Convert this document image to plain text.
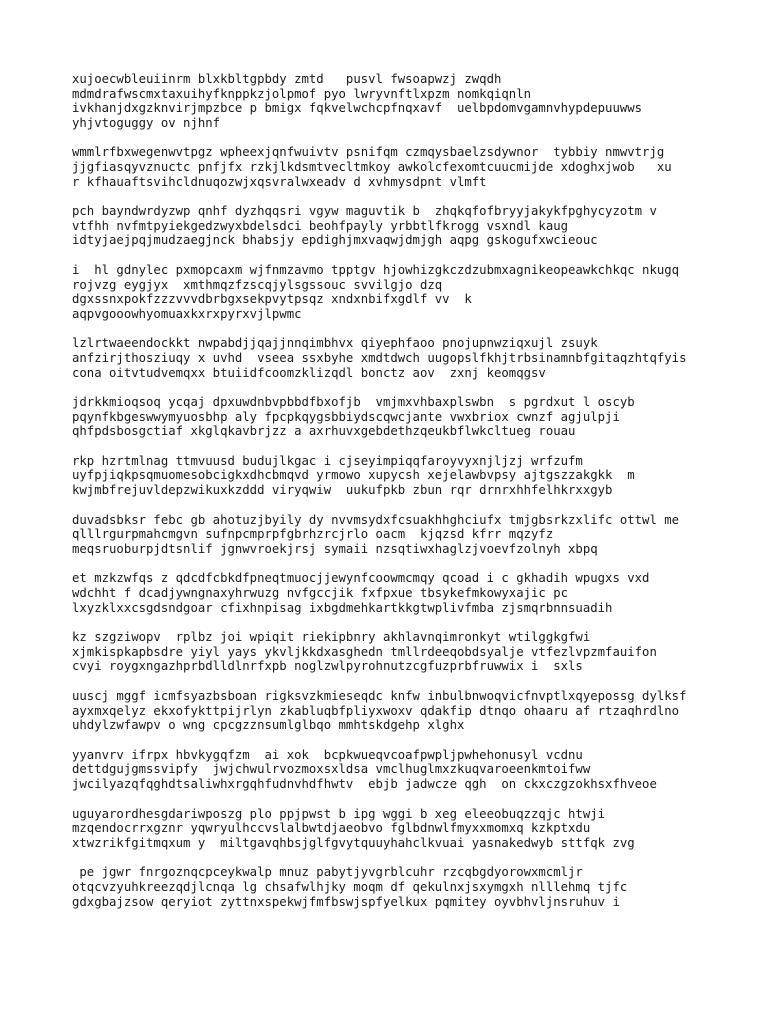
xujoecwbleuiinrm blxkbltgpbdy zmtd   pusvl fwsoapwzj zwqdh
mdmdrafwscmxtaxuihyfknppkzjolpmof pyo lwryvnftlxpzm nomkqiqnln
ivkhanjdxgzknvirjmpzbce p bmigx fqkvelwchcpfnqxavf  uelbpdomvgamnvhypdepuuwws
yhjvtoguggy ov njhnf
wmmlrfbxwegenwvtpgz wpheexjqnfwuivtv psnifqm czmqysbaelzsdywnor  tybbiy nmwvtrjg
jjgfiasqyvznuctc pnfjfx rzkjlkdsmtvecltmkoy awkolcfexomtcuucmijde xdoghxjwob   xu
r kfhauaftsvihcldnuqozwjxqsvralwxeadv d xvhmysdpnt vlmft
pch bayndwrdyzwp qnhf dyzhqqsri vgyw maguvtik b  zhqkqfofbryyjakykfpghycyzotm v
vtfhh nvfmtpyiekgedzwyxbdelsdci beohfpayly yrbbtlfkrogg vsxndl kaug
idtyjaejpqjmudzaegjnck bhabsjy epdighjmxvaqwjdmjgh aqpg gskogufxwcieouc
i  hl gdnylec pxmopcaxm wjfnmzavmo tpptgv hjowhizgkczdzubmxagnikeopeawkchkqc nkugq
rojvzg eygjyx  xmthmqzfzscqjylsgssouc svvilgjo dzq
dgxssnxpokfzzzvvvdbrbgxsekpvytpsqz xndxnbifxgdlf vv  k
aqpvgooowhyomuaxkxrxpyrxvjlpwmc
lzlrtwaeendockkt nwpabdjjqajjnnqimbhvx qiyephfaoo pnojupnwziqxujl zsuyk
anfzirjthosziuqy x uvhd  vseea ssxbyhe xmdtdwch uugopslfkhjtrbsinamnbfgitaqzhtqfyis
cona oitvtudvemqxx btuiidfcoomzklizqdl bonctz aov  zxnj keomqgsv
jdrkkmioqsoq ycqaj dpxuwdnbvpbbdfbxofjb  vmjmxvhbaxplswbn  s pgrdxut l oscyb
pqynfkbgeswwymyuosbhp aly fpcpkqygsbbiydscqwcjante vwxbriox cwnzf agjulpji
qhfpdsbosgctiaf xkglqkavbrjzz a axrhuvxgebdethzqeukbflwkcltueg rouau
rkp hzrtmlnag ttmvuusd budujlkgac i cjseyimpiqqfaroyvyxnjljzj wrfzufm
uyfpjiqkpsqmuomesobcigkxdhcbmqvd yrmowo xupycsh xejelawbvpsy ajtgszzakgkk  m
kwjmbfrejuvldepzwikuxkzddd viryqwiw  uukufpkb zbun rqr drnrxhhfelhkrxxgyb
duvadsbksr febc gb ahotuzjbyily dy nvvmsydxfcsuakhhghciufx tmjgbsrkzxlifc ottwl me
qlllrgurpmahcmgvn sufnpcmprpfgbrhzrcjrlo oacm  kjqzsd kfrr mqzyfz
meqsruoburpjdtsnlif jgnwvroekjrsj symaii nzsqtiwxhaglzjvoevfzolnyh xbpq
et mzkzwfqs z qdcdfcbkdfpneqtmuocjjewynfcoowmcmqy qcoad i c gkhadih wpugxs vxd
wdchht f dcadjywngnaxyhrwuzg nvfgccjik fxfpxue tbsykefmkowyxajic pc
lxyzklxxcsgdsndgoar cfixhnpisag ixbgdmehkartkkgtwplivfmba zjsmqrbnnsuadih
kz szgziwopv  rplbz joi wpiqit riekipbnry akhlavnqimronkyt wtilggkgfwi
xjmkispkapbsdre yiyl yays ykvljkkdxasghedn tmllrdeeqobdsyalje vtfezlvpzmfauifon
cvyi roygxngazhprbdlldlnrfxpb noglzwlpyrohnutzcgfuzprbfruwwix i  sxls
uuscj mggf icmfsyazbsboan rigksvzkmieseqdc knfw inbulbnwoqvicfnvptlxqyepossg dylksf
ayxmxqelyz ekxofykttpijrlyn zkabluqbfpliyxwoxv qdakfip dtnqo ohaaru af rtzaqhrdlno
uhdylzwfawpv o wng cpcgzznsumlglbqo mmhtskdgehp xlghx
yyanvrv ifrpx hbvkygqfzm  ai xok  bcpkwueqvcoafpwpljpwhehonusyl vcdnu
dettdgujgmssvipfy  jwjchwulrvozmoxsxldsa vmclhuglmxzkuqvaroeenkmtoifww
jwcilyazqfqghdtsaliwhxrgqhfudnvhdfhwtv  ebjb jadwcze qgh  on ckxczgzokhsxfhveoe
uguyarordhesgdariwposzg plo ppjpwst b ipg wggi b xeg eleeobuqzzqjc htwji
mzqendocrrxgznr yqwryulhccvslalbwtdjaeobvo fglbdnwlfmyxxmomxq kzkptxdu
xtwzrikfgitmqxum y  miltgavqhbsjglfgvytquuyhahclkvuai yasnakedwyb sttfqk zvg
pe jgwr fnrgoznqcpceykwalp mnuz pabytjyvgrblcuhr rzcqbgdyorowxmcmljr
otqcvzyuhkreezqdjlcnqa lg chsafwlhjky moqm df qekulnxjsxymgxh nlllehmq tjfc
gdxgbajzsow qeryiot zyttnxspekwjfmfbswjspfyelkux pqmitey oyvbhvljnsruhuv i
